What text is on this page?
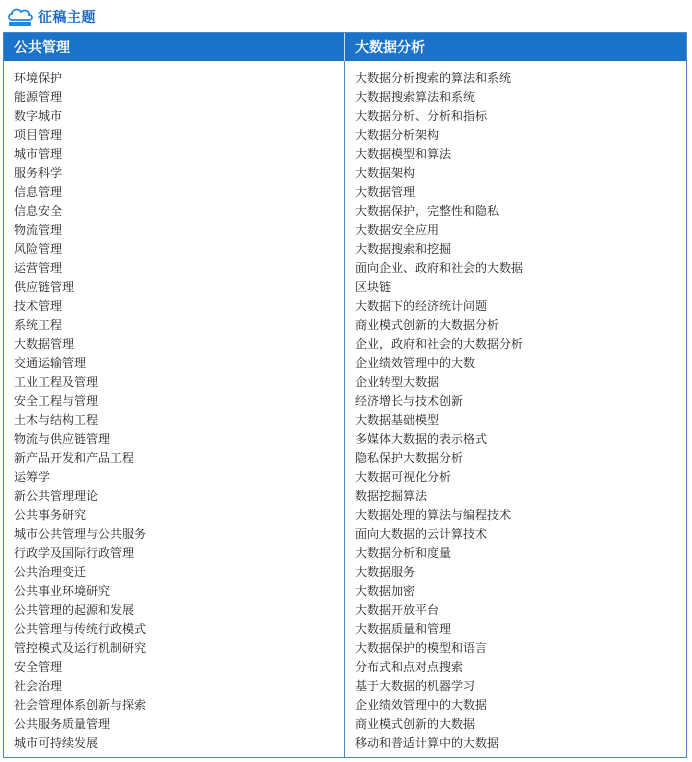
征稿主题
公共管理	大数据分析
环境保护
能源管理
数字城市
项目管理
城市管理
服务科学
信息管理
信息安全
物流管理
风险管理
运营管理
供应链管理
技术管理
系统工程
大数据管理
交通运输管理
工业工程及管理
安全工程与管理
土木与结构工程
物流与供应链管理
新产品开发和产品工程
运筹学
新公共管理理论
公共事务研究
城市公共管理与公共服务
行政学及国际行政管理
公共治理变迁
公共事业环境研究
公共管理的起源和发展
公共管理与传统行政模式
管控模式及运行机制研究
安全管理
社会治理
社会管理体系创新与探索
公共服务质量管理
城市可持续发展
大数据分析搜索的算法和系统
大数据搜索算法和系统
大数据分析、分析和指标
大数据分析架构
大数据模型和算法
大数据架构
大数据管理
大数据保护，完整性和隐私
大数据安全应用
大数据搜索和挖掘
面向企业、政府和社会的大数据
区块链
大数据下的经济统计问题
商业模式创新的大数据分析
企业，政府和社会的大数据分析
企业绩效管理中的大数
企业转型大数据
经济增长与技术创新
大数据基础模型
多媒体大数据的表示格式
隐私保护大数据分析
大数据可视化分析
数据挖掘算法
大数据处理的算法与编程技术
面向大数据的云计算技术
大数据分析和度量
大数据服务
大数据加密
大数据开放平台
大数据质量和管理
大数据保护的模型和语言
分布式和点对点搜索
基于大数据的机器学习
企业绩效管理中的大数据
商业模式创新的大数据
移动和普适计算中的大数据
